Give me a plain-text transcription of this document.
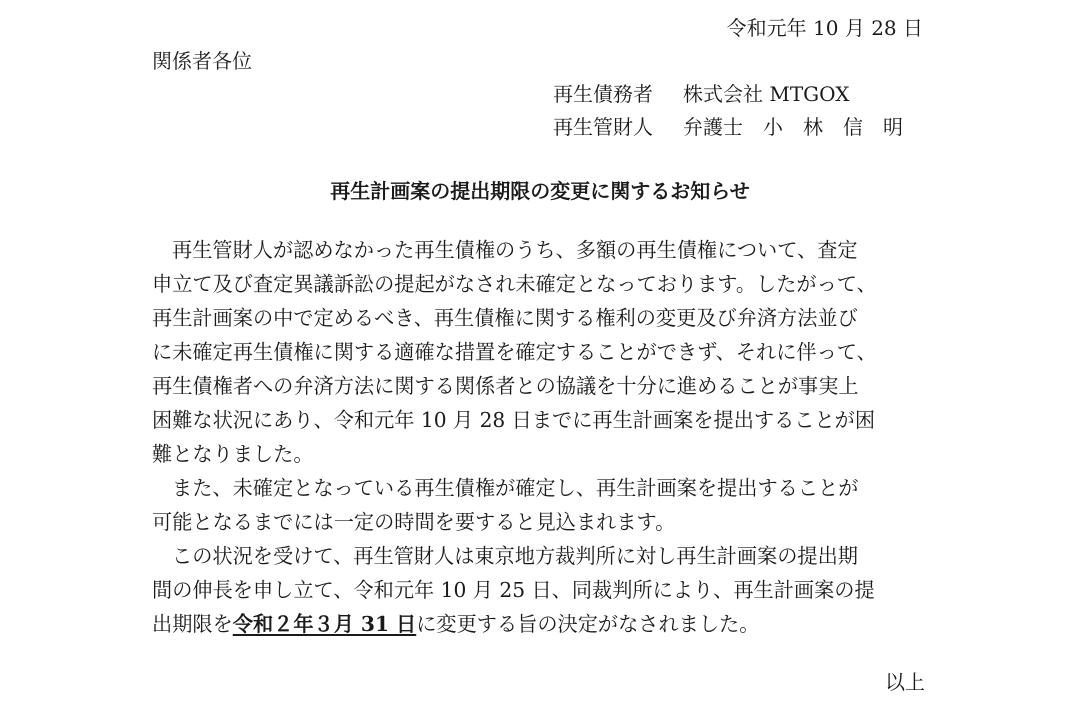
令和元年 10 月 28 日
関係者各位
再生債務者 株式会社 MTGOX
再生管財人 弁護士　小　林　信　明
再生計画案の提出期限の変更に関するお知らせ
再生管財人が認めなかった再生債権のうち、多額の再生債権について、査定
申立て及び査定異議訴訟の提起がなされ未確定となっております。したがって、
再生計画案の中で定めるべき、再生債権に関する権利の変更及び弁済方法並び
に未確定再生債権に関する適確な措置を確定することができず、それに伴って、
再生債権者への弁済方法に関する関係者との協議を十分に進めることが事実上
困難な状況にあり、令和元年 10 月 28 日までに再生計画案を提出することが困
難となりました。
また、未確定となっている再生債権が確定し、再生計画案を提出することが
可能となるまでには一定の時間を要すると見込まれます。
この状況を受けて、再生管財人は東京地方裁判所に対し再生計画案の提出期
間の伸長を申し立て、令和元年 10 月 25 日、同裁判所により、再生計画案の提
出期限を令和２年３月 31 日に変更する旨の決定がなされました。
以上
